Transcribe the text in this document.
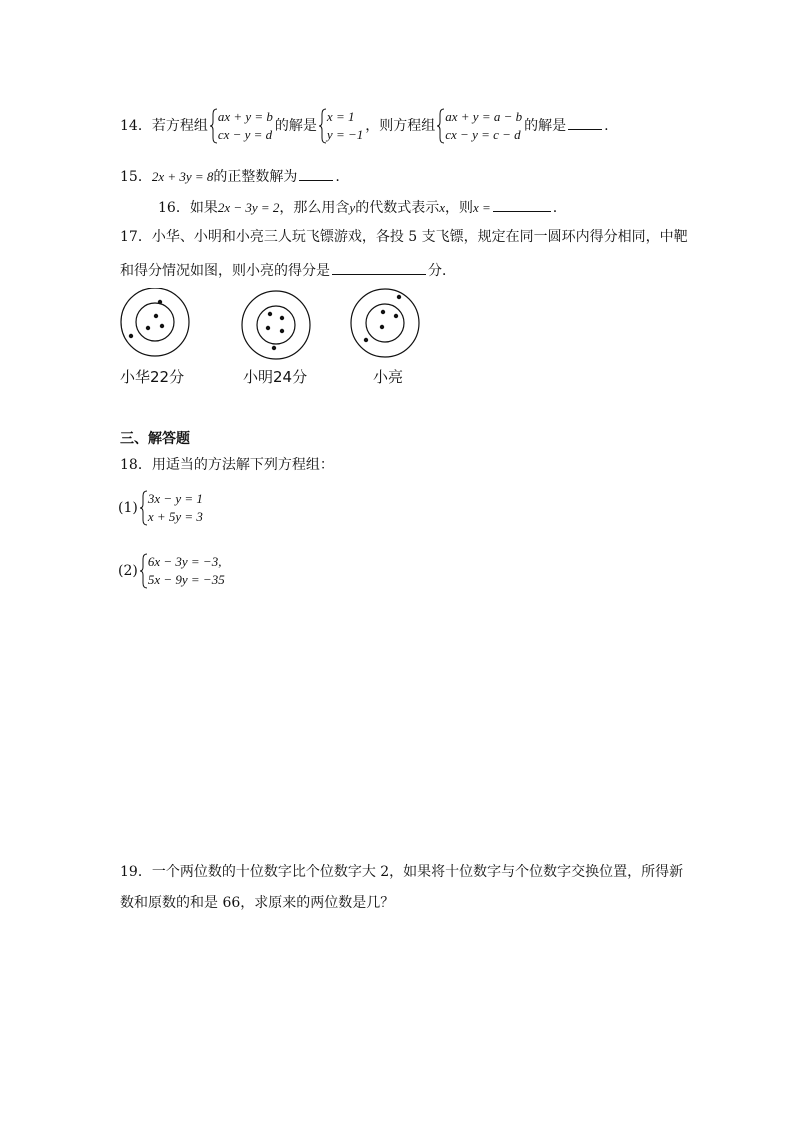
14．若方程组
ax + y = b
cx − y = d
的解是
x = 1
y = −1
，则方程组
ax + y = a − b
cx − y = c − d
的解是	.
15．2x + 3y = 8的正整数解为	.
16．如果2x − 3y = 2，那么用含y的代数式表示x，则x =	.
17．小华、小明和小亮三人玩飞镖游戏，各投 5 支飞镖，规定在同一圆环内得分相同，中靶
和得分情况如图，则小亮的得分是	分．
小华22分	小明24分	小亮
三、解答题
18．用适当的方法解下列方程组：
(1)
3x − y = 1
x + 5y = 3
(2)
6x − 3y = −3,
5x − 9y = −35
19．一个两位数的十位数字比个位数字大 2，如果将十位数字与个位数字交换位置，所得新
数和原数的和是 66，求原来的两位数是几？
